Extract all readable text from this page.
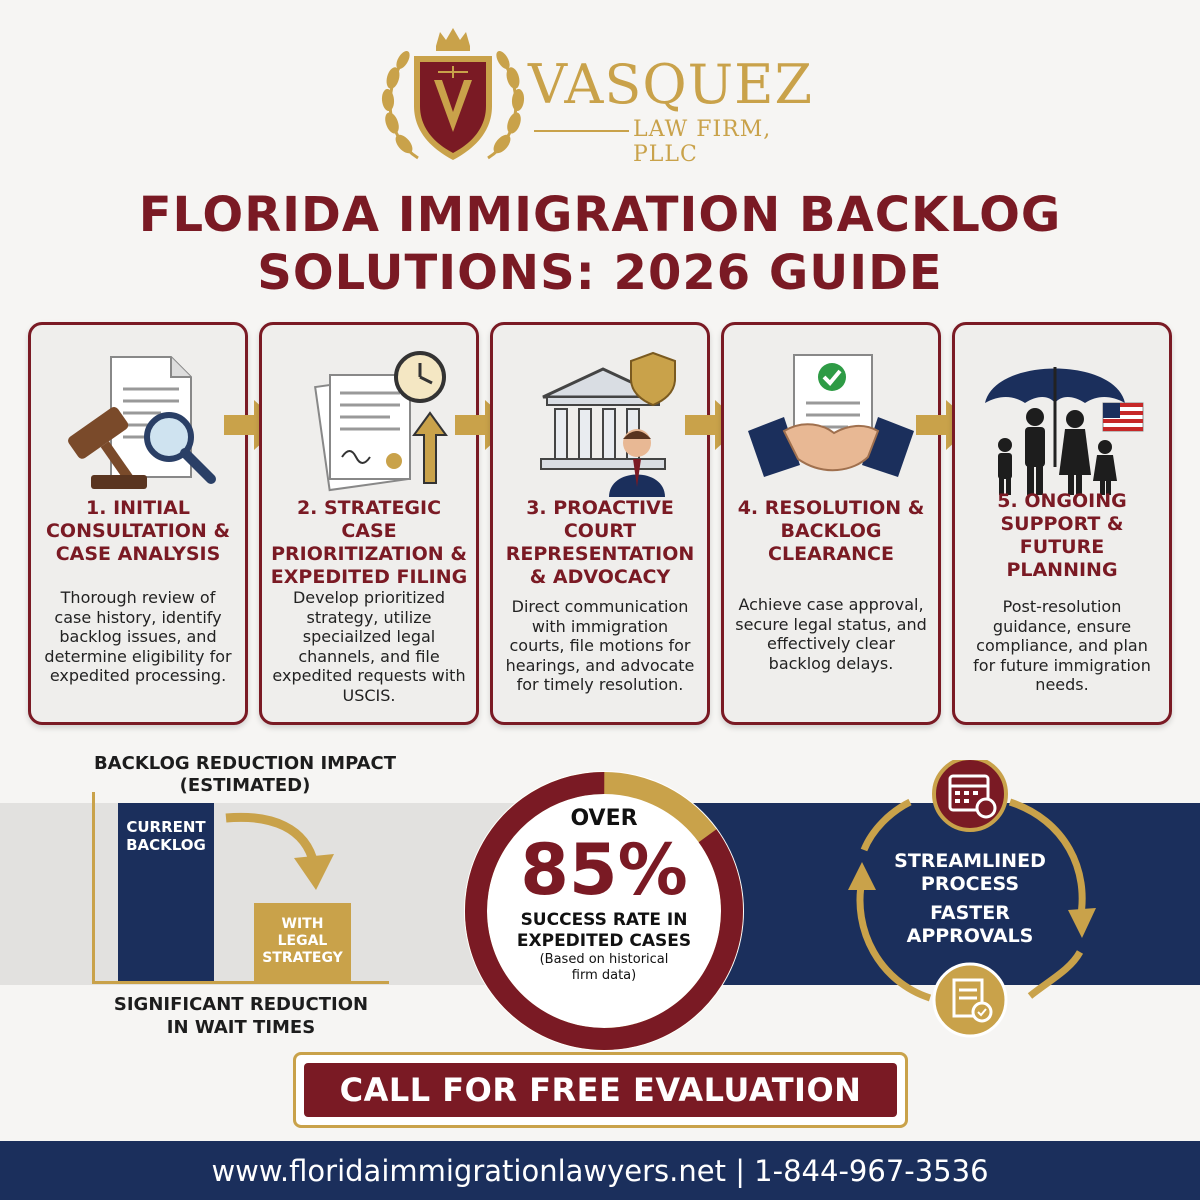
VASQUEZ
LAW FIRM, PLLC
FLORIDA IMMIGRATION BACKLOG
SOLUTIONS: 2026 GUIDE
1. INITIAL CONSULTATION & CASE ANALYSIS
Thorough review of case history, identify backlog issues, and determine eligibility for expedited processing.
2. STRATEGIC CASE PRIORITIZATION & EXPEDITED FILING
Develop prioritized strategy, utilize speciailzed legal channels, and file expedited requests with USCIS.
3. PROACTIVE COURT REPRESENTATION & ADVOCACY
Direct communication with immigration courts, file motions for hearings, and advocate for timely resolution.
4. RESOLUTION & BACKLOG CLEARANCE
Achieve case approval, secure legal status, and effectively clear backlog delays.
5. ONGOING SUPPORT & FUTURE PLANNING
Post-resolution guidance, ensure compliance, and plan for future immigration needs.
BACKLOG REDUCTION IMPACT
(ESTIMATED)
CURRENT
BACKLOG
WITH
LEGAL
STRATEGY
SIGNIFICANT REDUCTION
IN WAIT TIMES
OVER
85%
SUCCESS RATE IN
EXPEDITED CASES
(Based on historical
firm data)
STREAMLINED
PROCESS
FASTER
APPROVALS
CALL FOR FREE EVALUATION
www.floridaimmigrationlawyers.net | 1-844-967-3536
